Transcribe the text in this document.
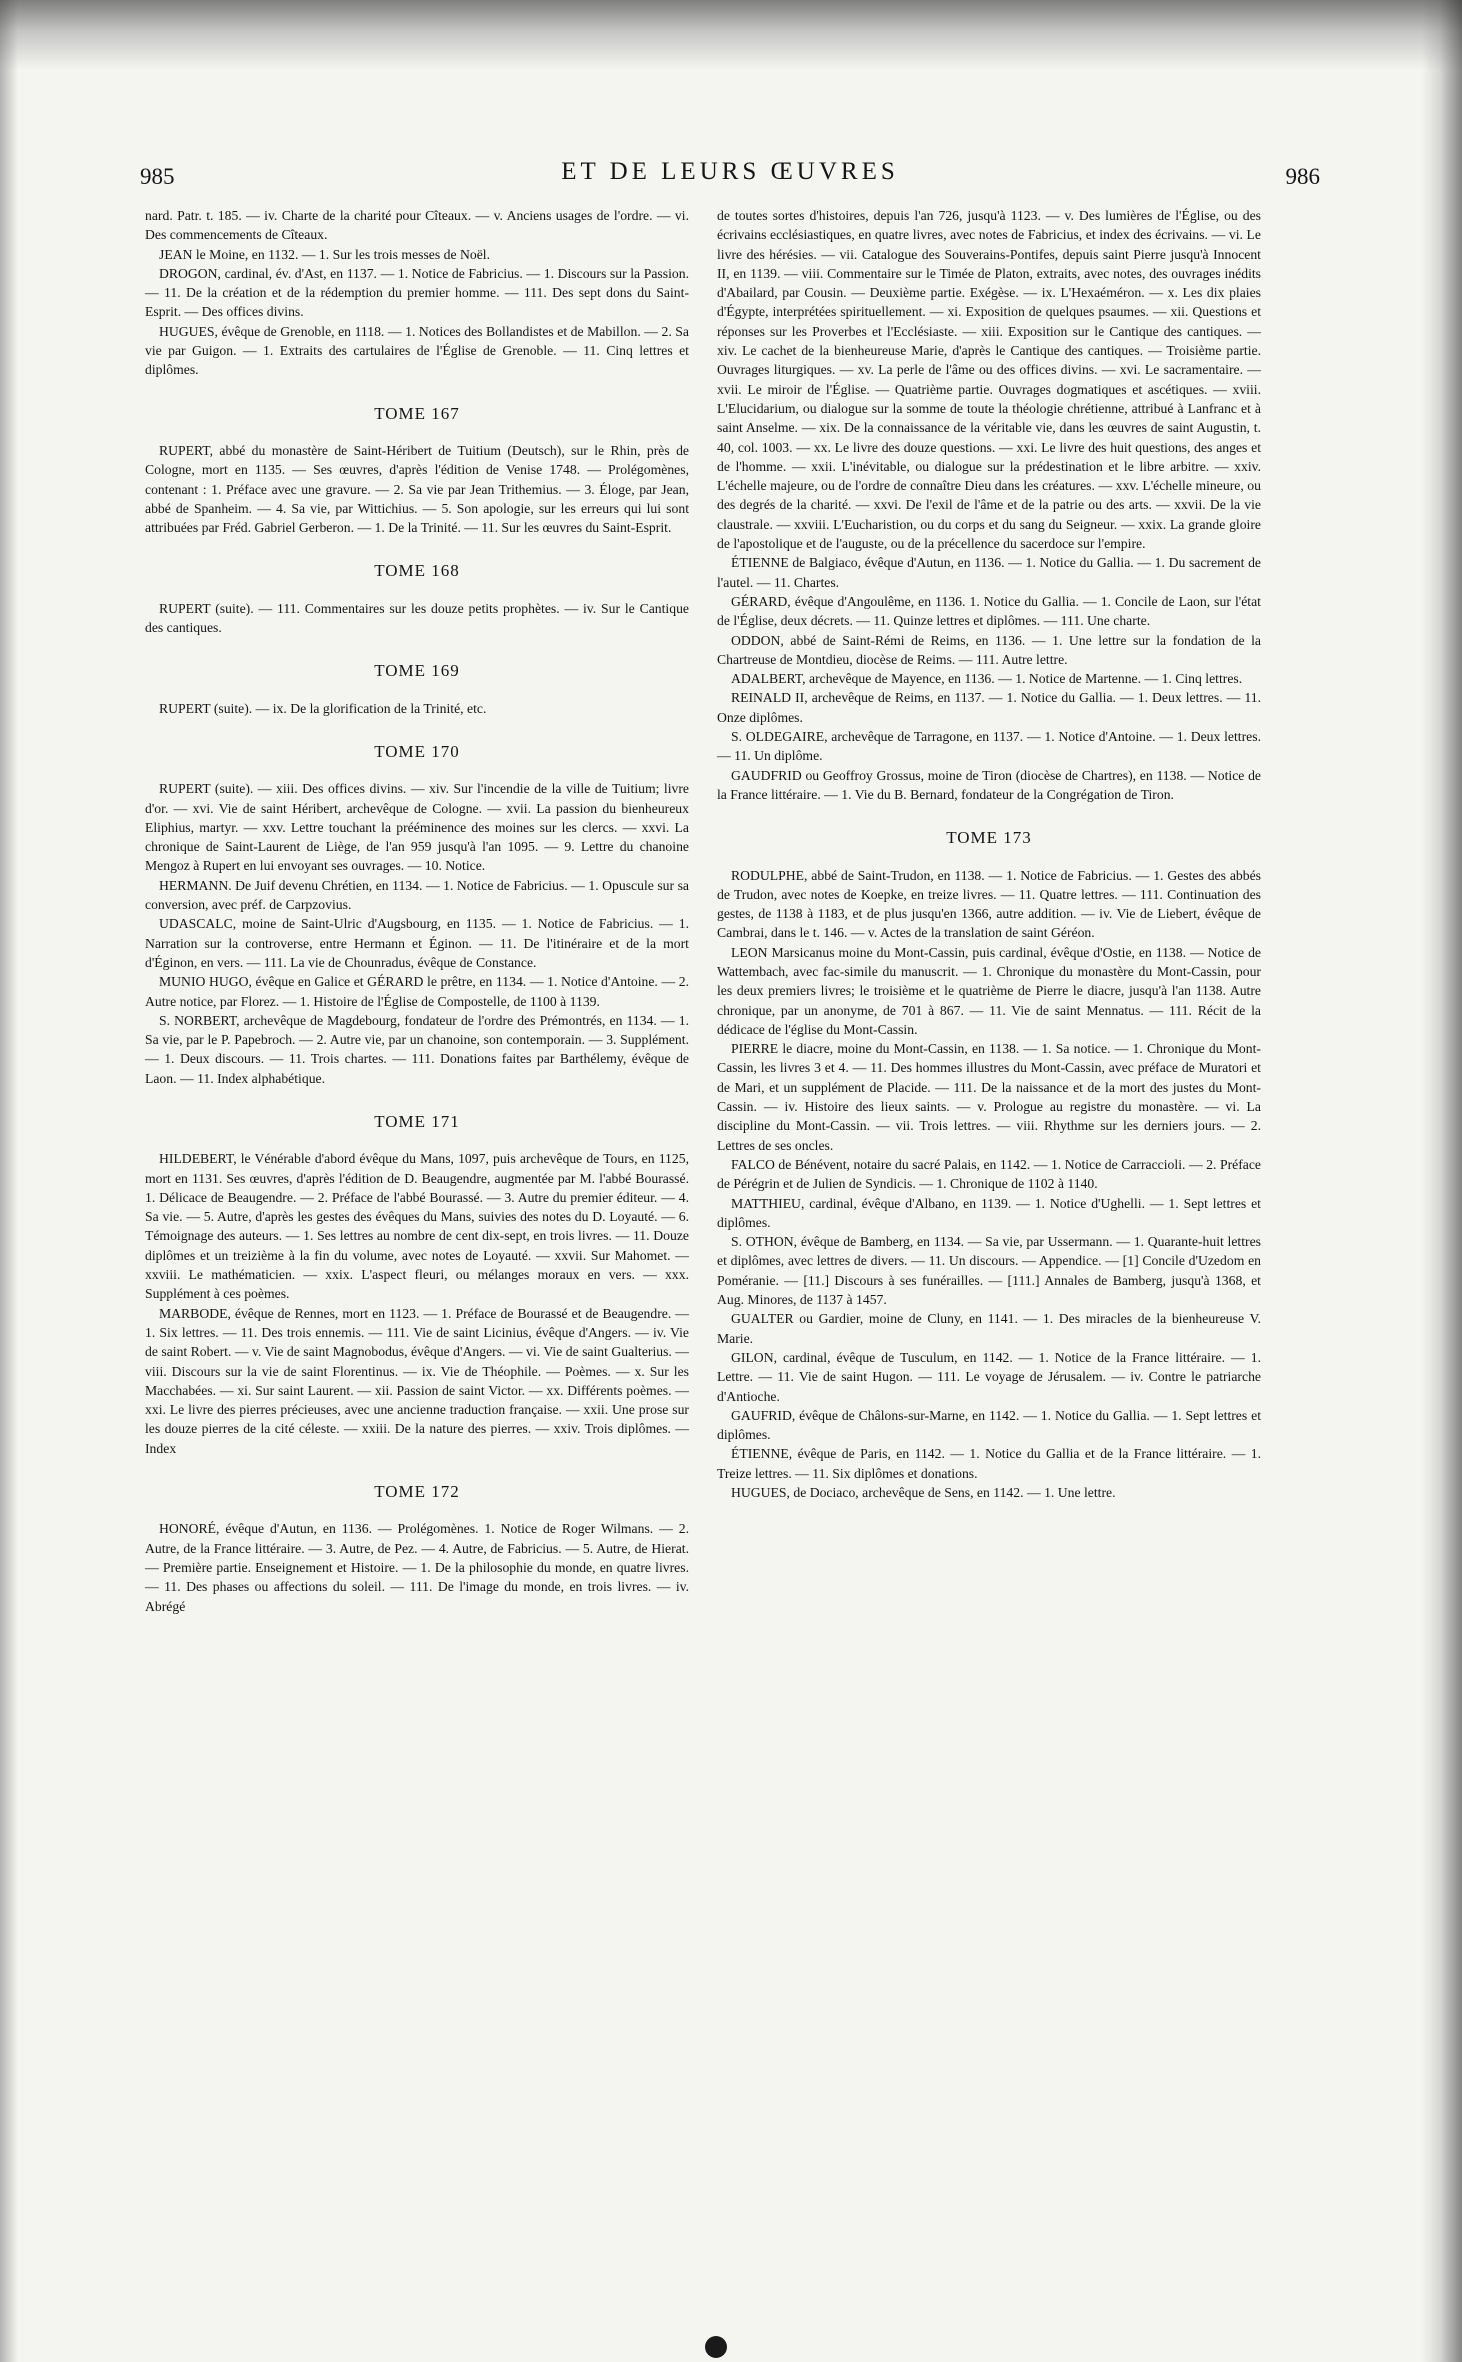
985	ET DE LEURS ŒUVRES	986

nard. Patr. t. 185. — iv. Charte de la charité pour Cîteaux. — v. Anciens usages de l'ordre. — vi. Des commencements de Cîteaux.

JEAN le Moine, en 1132. — 1. Sur les trois messes de Noël.

DROGON, cardinal, év. d'Ast, en 1137. — 1. Notice de Fabricius. — 1. Discours sur la Passion. — 11. De la création et de la rédemption du premier homme. — 111. Des sept dons du Saint-Esprit. — Des offices divins.

HUGUES, évêque de Grenoble, en 1118. — 1. Notices des Bollandistes et de Mabillon. — 2. Sa vie par Guigon. — 1. Extraits des cartulaires de l'Église de Grenoble. — 11. Cinq lettres et diplômes.

TOME 167

RUPERT, abbé du monastère de Saint-Héribert de Tuitium (Deutsch), sur le Rhin, près de Cologne, mort en 1135. — Ses œuvres, d'après l'édition de Venise 1748. — Prolégomènes, contenant : 1. Préface avec une gravure. — 2. Sa vie par Jean Trithemius. — 3. Éloge, par Jean, abbé de Spanheim. — 4. Sa vie, par Wittichius. — 5. Son apologie, sur les erreurs qui lui sont attribuées par Fréd. Gabriel Gerberon. — 1. De la Trinité. — 11. Sur les œuvres du Saint-Esprit.

TOME 168

RUPERT (suite). — 111. Commentaires sur les douze petits prophètes. — iv. Sur le Cantique des cantiques.

TOME 169

RUPERT (suite). — ix. De la glorification de la Trinité, etc.

TOME 170

RUPERT (suite). — xiii. Des offices divins. — xiv. Sur l'incendie de la ville de Tuitium; livre d'or. — xvi. Vie de saint Héribert, archevêque de Cologne. — xvii. La passion du bienheureux Eliphius, martyr. — xxv. Lettre touchant la prééminence des moines sur les clercs. — xxvi. La chronique de Saint-Laurent de Liège, de l'an 959 jusqu'à l'an 1095. — 9. Lettre du chanoine Mengoz à Rupert en lui envoyant ses ouvrages. — 10. Notice.

HERMANN. De Juif devenu Chrétien, en 1134. — 1. Notice de Fabricius. — 1. Opuscule sur sa conversion, avec préf. de Carpzovius.

UDASCALC, moine de Saint-Ulric d'Augsbourg, en 1135. — 1. Notice de Fabricius. — 1. Narration sur la controverse, entre Hermann et Éginon. — 11. De l'itinéraire et de la mort d'Éginon, en vers. — 111. La vie de Chounradus, évêque de Constance.

MUNIO HUGO, évêque en Galice et GÉRARD le prêtre, en 1134. — 1. Notice d'Antoine. — 2. Autre notice, par Florez. — 1. Histoire de l'Église de Compostelle, de 1100 à 1139.

S. NORBERT, archevêque de Magdebourg, fondateur de l'ordre des Prémontrés, en 1134. — 1. Sa vie, par le P. Papebroch. — 2. Autre vie, par un chanoine, son contemporain. — 3. Supplément. — 1. Deux discours. — 11. Trois chartes. — 111. Donations faites par Barthélemy, évêque de Laon. — 11. Index alphabétique.

TOME 171

HILDEBERT, le Vénérable d'abord évêque du Mans, 1097, puis archevêque de Tours, en 1125, mort en 1131. Ses œuvres, d'après l'édition de D. Beaugendre, augmentée par M. l'abbé Bourassé. 1. Délicace de Beaugendre. — 2. Préface de l'abbé Bourassé. — 3. Autre du premier éditeur. — 4. Sa vie. — 5. Autre, d'après les gestes des évêques du Mans, suivies des notes du D. Loyauté. — 6. Témoignage des auteurs. — 1. Ses lettres au nombre de cent dix-sept, en trois livres. — 11. Douze diplômes et un treizième à la fin du volume, avec notes de Loyauté. — xxvii. Sur Mahomet. — xxviii. Le mathématicien. — xxix. L'aspect fleuri, ou mélanges moraux en vers. — xxx. Supplément à ces poèmes.

MARBODE, évêque de Rennes, mort en 1123. — 1. Préface de Bourassé et de Beaugendre. — 1. Six lettres. — 11. Des trois ennemis. — 111. Vie de saint Licinius, évêque d'Angers. — iv. Vie de saint Robert. — v. Vie de saint Magnobodus, évêque d'Angers. — vi. Vie de saint Gualterius. — viii. Discours sur la vie de saint Florentinus. — ix. Vie de Théophile. — Poèmes. — x. Sur les Macchabées. — xi. Sur saint Laurent. — xii. Passion de saint Victor. — xx. Différents poèmes. — xxi. Le livre des pierres précieuses, avec une ancienne traduction française. — xxii. Une prose sur les douze pierres de la cité céleste. — xxiii. De la nature des pierres. — xxiv. Trois diplômes. — Index

TOME 172

HONORÉ, évêque d'Autun, en 1136. — Prolégomènes. 1. Notice de Roger Wilmans. — 2. Autre, de la France littéraire. — 3. Autre, de Pez. — 4. Autre, de Fabricius. — 5. Autre, de Hierat. — Première partie. Enseignement et Histoire. — 1. De la philosophie du monde, en quatre livres. — 11. Des phases ou affections du soleil. — 111. De l'image du monde, en trois livres. — iv. Abrégé

de toutes sortes d'histoires, depuis l'an 726, jusqu'à 1123. — v. Des lumières de l'Église, ou des écrivains ecclésiastiques, en quatre livres, avec notes de Fabricius, et index des écrivains. — vi. Le livre des hérésies. — vii. Catalogue des Souverains-Pontifes, depuis saint Pierre jusqu'à Innocent II, en 1139. — viii. Commentaire sur le Timée de Platon, extraits, avec notes, des ouvrages inédits d'Abailard, par Cousin. — Deuxième partie. Exégèse. — ix. L'Hexaéméron. — x. Les dix plaies d'Égypte, interprétées spirituellement. — xi. Exposition de quelques psaumes. — xii. Questions et réponses sur les Proverbes et l'Ecclésiaste. — xiii. Exposition sur le Cantique des cantiques. — xiv. Le cachet de la bienheureuse Marie, d'après le Cantique des cantiques. — Troisième partie. Ouvrages liturgiques. — xv. La perle de l'âme ou des offices divins. — xvi. Le sacramentaire. — xvii. Le miroir de l'Église. — Quatrième partie. Ouvrages dogmatiques et ascétiques. — xviii. L'Elucidarium, ou dialogue sur la somme de toute la théologie chrétienne, attribué à Lanfranc et à saint Anselme. — xix. De la connaissance de la véritable vie, dans les œuvres de saint Augustin, t. 40, col. 1003. — xx. Le livre des douze questions. — xxi. Le livre des huit questions, des anges et de l'homme. — xxii. L'inévitable, ou dialogue sur la prédestination et le libre arbitre. — xxiv. L'échelle majeure, ou de l'ordre de connaître Dieu dans les créatures. — xxv. L'échelle mineure, ou des degrés de la charité. — xxvi. De l'exil de l'âme et de la patrie ou des arts. — xxvii. De la vie claustrale. — xxviii. L'Eucharistion, ou du corps et du sang du Seigneur. — xxix. La grande gloire de l'apostolique et de l'auguste, ou de la précellence du sacerdoce sur l'empire.

ÉTIENNE de Balgiaco, évêque d'Autun, en 1136. — 1. Notice du Gallia. — 1. Du sacrement de l'autel. — 11. Chartes.

GÉRARD, évêque d'Angoulême, en 1136. 1. Notice du Gallia. — 1. Concile de Laon, sur l'état de l'Église, deux décrets. — 11. Quinze lettres et diplômes. — 111. Une charte.

ODDON, abbé de Saint-Rémi de Reims, en 1136. — 1. Une lettre sur la fondation de la Chartreuse de Montdieu, diocèse de Reims. — 111. Autre lettre.

ADALBERT, archevêque de Mayence, en 1136. — 1. Notice de Martenne. — 1. Cinq lettres.

REINALD II, archevêque de Reims, en 1137. — 1. Notice du Gallia. — 1. Deux lettres. — 11. Onze diplômes.

S. OLDEGAIRE, archevêque de Tarragone, en 1137. — 1. Notice d'Antoine. — 1. Deux lettres. — 11. Un diplôme.

GAUDFRID ou Geoffroy Grossus, moine de Tiron (diocèse de Chartres), en 1138. — Notice de la France littéraire. — 1. Vie du B. Bernard, fondateur de la Congrégation de Tiron.

TOME 173

RODULPHE, abbé de Saint-Trudon, en 1138. — 1. Notice de Fabricius. — 1. Gestes des abbés de Trudon, avec notes de Koepke, en treize livres. — 11. Quatre lettres. — 111. Continuation des gestes, de 1138 à 1183, et de plus jusqu'en 1366, autre addition. — iv. Vie de Liebert, évêque de Cambrai, dans le t. 146. — v. Actes de la translation de saint Géréon.

LEON Marsicanus moine du Mont-Cassin, puis cardinal, évêque d'Ostie, en 1138. — Notice de Wattembach, avec fac-simile du manuscrit. — 1. Chronique du monastère du Mont-Cassin, pour les deux premiers livres; le troisième et le quatrième de Pierre le diacre, jusqu'à l'an 1138. Autre chronique, par un anonyme, de 701 à 867. — 11. Vie de saint Mennatus. — 111. Récit de la dédicace de l'église du Mont-Cassin.

PIERRE le diacre, moine du Mont-Cassin, en 1138. — 1. Sa notice. — 1. Chronique du Mont-Cassin, les livres 3 et 4. — 11. Des hommes illustres du Mont-Cassin, avec préface de Muratori et de Mari, et un supplément de Placide. — 111. De la naissance et de la mort des justes du Mont-Cassin. — iv. Histoire des lieux saints. — v. Prologue au registre du monastère. — vi. La discipline du Mont-Cassin. — vii. Trois lettres. — viii. Rhythme sur les derniers jours. — 2. Lettres de ses oncles.

FALCO de Bénévent, notaire du sacré Palais, en 1142. — 1. Notice de Carraccioli. — 2. Préface de Pérégrin et de Julien de Syndicis. — 1. Chronique de 1102 à 1140.

MATTHIEU, cardinal, évêque d'Albano, en 1139. — 1. Notice d'Ughelli. — 1. Sept lettres et diplômes.

S. OTHON, évêque de Bamberg, en 1134. — Sa vie, par Ussermann. — 1. Quarante-huit lettres et diplômes, avec lettres de divers. — 11. Un discours. — Appendice. — [1] Concile d'Uzedom en Poméranie. — [11.] Discours à ses funérailles. — [111.] Annales de Bamberg, jusqu'à 1368, et Aug. Minores, de 1137 à 1457.

GUALTER ou Gardier, moine de Cluny, en 1141. — 1. Des miracles de la bienheureuse V. Marie.

GILON, cardinal, évêque de Tusculum, en 1142. — 1. Notice de la France littéraire. — 1. Lettre. — 11. Vie de saint Hugon. — 111. Le voyage de Jérusalem. — iv. Contre le patriarche d'Antioche.

GAUFRID, évêque de Châlons-sur-Marne, en 1142. — 1. Notice du Gallia. — 1. Sept lettres et diplômes.

ÉTIENNE, évêque de Paris, en 1142. — 1. Notice du Gallia et de la France littéraire. — 1. Treize lettres. — 11. Six diplômes et donations.

HUGUES, de Dociaco, archevêque de Sens, en 1142. — 1. Une lettre.
